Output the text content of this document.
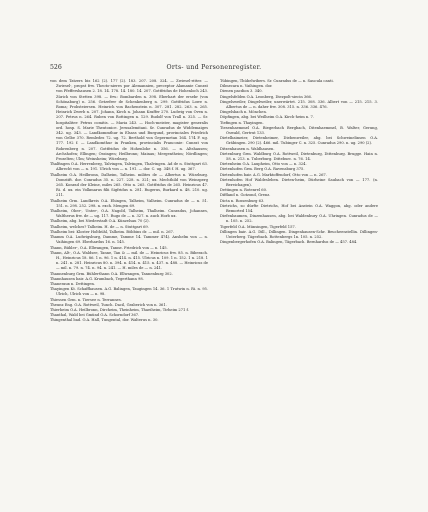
526	Orts- und Personenregister.

von dem Tatzers bis 162 (2). 177 (2). 183. 207. 208. 324. — Zwiesel-ritter. — Zwiesel-, propst frw. Theoto-nieres por Alemannien, preceptor Alamanie Cunrat von Pfeffershausen 2. 18. 14. 178. 14. 180. 14. 207. Gottfridus de Hohenloch 243. Zürich von Stetten 398. — frw.: Bombarden n. 398. Eberhart der ersebr (von Schönaburg) n. 256. Getzefrer de Schenkenberg n. 299. Gottfridus Lowe n. Roma; Probsteiersen. Heinrich von Bachenstein n. 307. 281. 282. 263. n. 265. Heinrich Zwerb n. 207. Johann, Kirch n. Johann Kraffer 270. Ludwig von Oven n. 207. Petrus n. 264. Ruben von Rottingen n. 129. Rudolf von Trall n. 325. — Sr. hospitaliter: Petrus comitis. — Maria 243. — Hoch-meister, magister generalis ord. hosp. S. Marie Theutonice. Jerusalemitani. Sr. Cunradus de Widdemaiges 342. ug. 343. — Landkommthur in Elsass und Burgund, provinciales Friedrich von Gelbe 370. Remledes 72. ug. 72. Berthold von Gepermetan 164. 174 F. ug. 177. 192 f. — Landkomthur in Franken, provincialis Franconie: Cunrat von Rohrenberg n. 207. Gottfridus de Hohenlohe n. 356. — n. Altshausen; Archshofen; Ellingen; Ossingen; Heilbronn; Mainau; Mergentheim; Nördlingen; Prozelten; Ulm; Weinsheim; Würzburg.

Thalfingen O.A. Herrenberg, Talvingen, Talvingen, Thalvingen. Ad de n. Stuttgart 63. Albrecht von — n. 191. Ulrich von — n. 191. — dor. C. ug. 348 f. H. ug. 367.

Thalheim O.A. Heilbronn, Dalheim, Talheim. milites de — Albertus n. Würzburg. Domstift. dor. Conradus 35. n. 227. 228. n. 321; ux. Mechthild von Weinsperg 265. Konrad der Kleine, miles 265. Otto n. 265. Gottfridus de 265. Heinricus 47. Ri. d. ux. ein Volkmarus filii Sigfridus n. 281. Rugerus, Burkard n. 48. 210. ug. 211.

Thalheim Grm. Landkreis O.A. Ehingen, Talheim, Valheim. Cunradus de — n. 51. 151. n. 298. 252. 298. n. exch. Mengen 69.

Thalheim, Ober-, Unter-, O.A. Nagold, Talheim, Thalheim. Cunradus, Johannes, Waltherus frw. de — ug. 117. Rugo de — n. 327. n. auch Horb ux.

Thalheim, abg. bei Niederstadt O.A. Künzelsau 70 (2).

Thalheim, welches? Talheim. H. de — n. Stuttgart 69.

Thalheim bei: Kloster Holtbühl, Talheim. Böbbins dr. — mil. n. 267.

Thamm O.A. Ludwigsburg, Damme, Tamme 14. Tammer 474). Anshelm von — n. Vaihingen 69. Eberhardus 16. n. 145.

Thann, Bühler-, O.A. Ellwangen, Tanne. Friedrich von — n. 145.

Thann, Alt-, O.A. Waldsee, Tanne, Tan & — mil. de — Heinricus frw. 85. n. Biberach. H., Heinricus 18. 86. 1 n. 96. 1 n. 414. n. 415. Ulricus n. 109. 1 n. 152. 1 n. 218. 1 n. 241. n. 281. Heinricus 80. n. 394. n. 414. n. 415. n. 437. n. 488. — Heinricus de — mil. n. 79. n. 74. n. 94. n. 241. — H. miles de — n. 241.

Thannenburg Grm. Bühlerthann O.A. Ellwangen, Tannenburg 302.

Thannhausen bair. A.G. Krumbach, Tegerthann 98.

Thaneraux n. Dettingen.

Thayingen Kt. Schaffhausen. A.G. Balingen, Taugingen 14. 36. 1 Trutwin n. Ri. n. 95. Ulrich, Ulrich von — n. 98.

Thiessen Grm. n. Tiersee n. Terrannes.

Theunz Eng. O.A. Rottweil, Tunch. Dacil, Graberich von n. 361.

Thierheim O.A. Heilbronn, Dircheim, Theinheim, Thaeiheim, Tirheim 271 f.

Thanthal, Wald bei Gmünd O.A. Schorndorf 367.

Thingenthal bad. O.A. Hall, Tungental, dor. Walterus n. 30.

Tübingen, Thübelwibers. Sr. Cunradus de — n. Saucula canti.

Dilmecara n. Vaihingen. dor.

Dienen pacdion 3. 340.

Dingelsfelden O.A. Leonberg, Diezpolt-siecin 366.

Dingelsweiler, Dingelweiler, unerwärtet. 215. 308. 336. Albert von — 215. 215. 3. Albertus de — n. daher frw. 308. 315. n. 336. 336. 476.

Dingelsbach n. Mönchen.

Döpfingen, abg. bei Weilheim O.A. Kirch-heim n. 7.

Tiefingen n. Thayingen.

Tiesenhaemmel O.A. Biegerbach Bergbach, Ditenhaemmel, B. Walter, Gerung, Oswald, Gertrut 133.

Dietelbaimeier, Dietenheimer, Diebenweiler, abg. bei Schweinelinsen O.A. Gräbingen. 290 (2). 466. mil. Tubinger C. n. 325. Cunradus 290. n. ug. 290 (2).

Ditzenhausen n. Waldhausen.

Dietenburg Grm. Waldburg O.A. Rottweil, Dietenburg, Dittenburg. Brugge. Hain n. 58. n. 213. n. Tuberburg. Ditteburc. n. 76. 14.

Dietenheim O.A. Laupheim, Otto von — n. 324.

Dietenhofen Grm. Berg O.A. Ravensburg 375.

Dietenhofen bair. A.G. Marktoffendorf, Otto von — n. 267.

Dietenhofen Hof Waldesleben. Dieten-heim, Dürheine Saubach von — 177. (n. Bereichagen).

Dettingen n. Rotenrel 60.

Diffland n. Gotzond, Grenz.

Dicta n. Rossenburg 63.

Dietrichs, so dürfte Dietrichs, Hof bei Anstein O.A. Waggon, abg. oder andere Bemorted 154.

Diefenbaumen, Dinzenhausen, abg. bei Waldenbury O.A. Uhringen. Cunradus de — n. 105. n. 252.

Tigerfeld O.A. Münsingen, Tigerfeld 157.

Dillingen bair. A.G. Dill., Dillingen. Dingenhausen-Schr. Beucheenstellin. Dillingen-Unterberg. Tägerbach. Rottenbergs 1n. 105. n. 252.

Dingenbergerhofen O.A. Balingen, Tägerbach. Bernhardus de — 457. 484.
